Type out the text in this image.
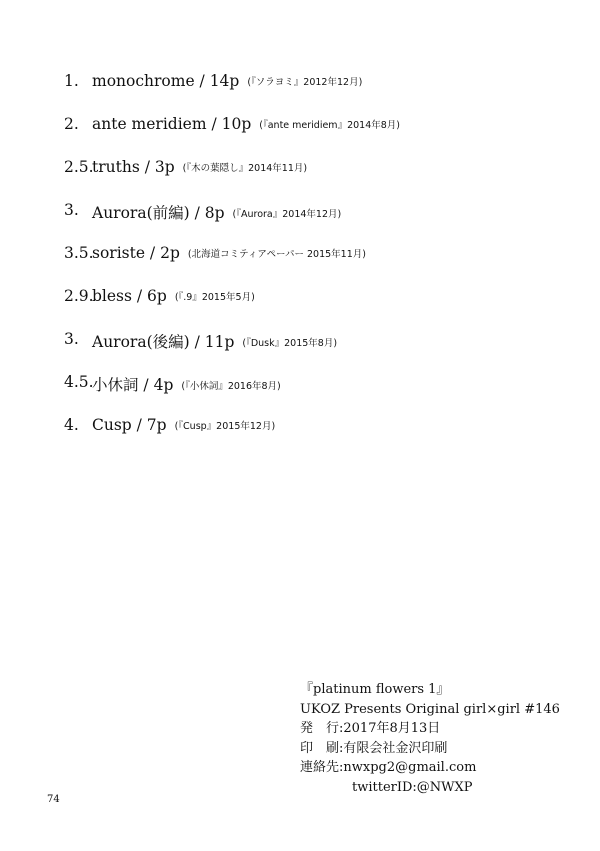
1. monochrome / 14p (『ソラヨミ』2012年12月)
2. ante meridiem / 10p (『ante meridiem』2014年8月)
2.5.
truths / 3p (『木の葉隠し』2014年11月)
3. Aurora(前編) / 8p (『Aurora』2014年12月)
3.5.
soriste / 2p (北海道コミティアペーパー 2015年11月)
2.9.
bless / 6p (『.9』2015年5月)
3. Aurora(後編) / 11p (『Dusk』2015年8月)
4.5.
小休詞 / 4p (『小休詞』2016年8月)
4. Cusp / 7p (『Cusp』2015年12月)
『platinum flowers 1』
UKOZ Presents Original girl×girl #146
発　行:2017年8月13日
印　刷:有限会社金沢印刷
連絡先:nwxpg2@gmail.com
twitterID:@NWXP
74
